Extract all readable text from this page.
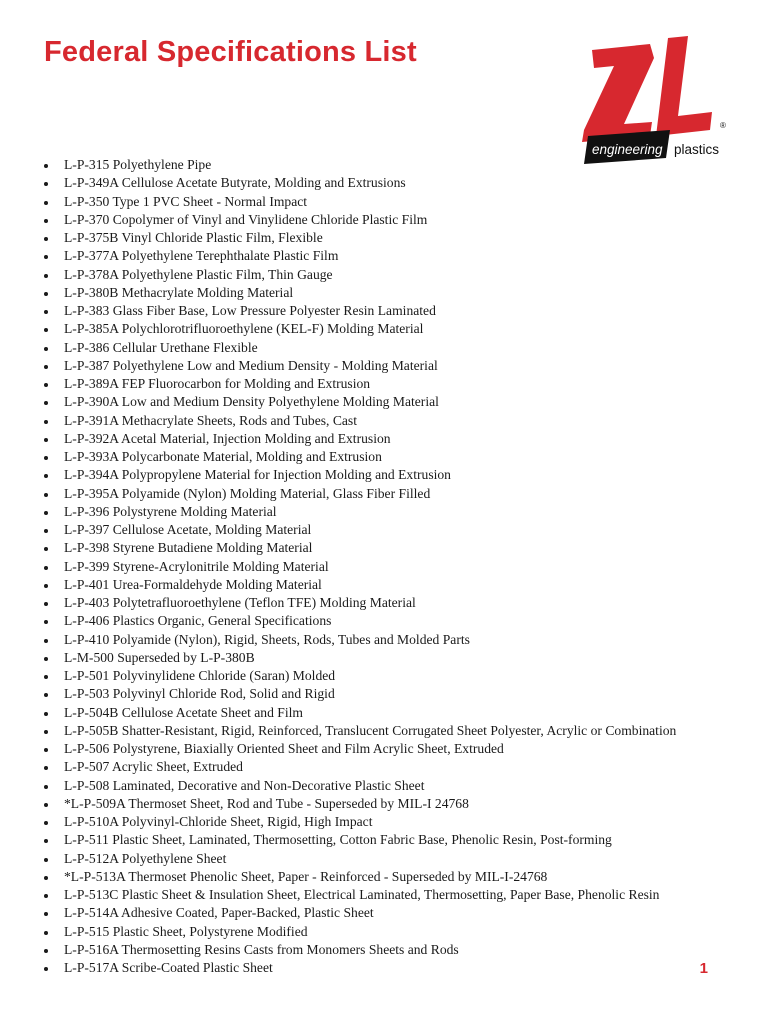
Federal Specifications List
engineering plastics
®
L-P-315 Polyethylene Pipe
L-P-349A Cellulose Acetate Butyrate, Molding and Extrusions
L-P-350 Type 1 PVC Sheet - Normal Impact
L-P-370 Copolymer of Vinyl and Vinylidene Chloride Plastic Film
L-P-375B Vinyl Chloride Plastic Film, Flexible
L-P-377A Polyethylene Terephthalate Plastic Film
L-P-378A Polyethylene Plastic Film, Thin Gauge
L-P-380B Methacrylate Molding Material
L-P-383 Glass Fiber Base, Low Pressure Polyester Resin Laminated
L-P-385A Polychlorotrifluoroethylene (KEL-F) Molding Material
L-P-386 Cellular Urethane Flexible
L-P-387 Polyethylene Low and Medium Density - Molding Material
L-P-389A FEP Fluorocarbon for Molding and Extrusion
L-P-390A Low and Medium Density Polyethylene Molding Material
L-P-391A Methacrylate Sheets, Rods and Tubes, Cast
L-P-392A Acetal Material, Injection Molding and Extrusion
L-P-393A Polycarbonate Material, Molding and Extrusion
L-P-394A Polypropylene Material for Injection Molding and Extrusion
L-P-395A Polyamide (Nylon) Molding Material, Glass Fiber Filled
L-P-396 Polystyrene Molding Material
L-P-397 Cellulose Acetate, Molding Material
L-P-398 Styrene Butadiene Molding Material
L-P-399 Styrene-Acrylonitrile Molding Material
L-P-401 Urea-Formaldehyde Molding Material
L-P-403 Polytetrafluoroethylene (Teflon TFE) Molding Material
L-P-406 Plastics Organic, General Specifications
L-P-410 Polyamide (Nylon), Rigid, Sheets, Rods, Tubes and Molded Parts
L-M-500 Superseded by L-P-380B
L-P-501 Polyvinylidene Chloride (Saran) Molded
L-P-503 Polyvinyl Chloride Rod, Solid and Rigid
L-P-504B Cellulose Acetate Sheet and Film
L-P-505B Shatter-Resistant, Rigid, Reinforced, Translucent Corrugated Sheet Polyester, Acrylic or Combination
L-P-506 Polystyrene, Biaxially Oriented Sheet and Film Acrylic Sheet, Extruded
L-P-507 Acrylic Sheet, Extruded
L-P-508 Laminated, Decorative and Non-Decorative Plastic Sheet
*L-P-509A Thermoset Sheet, Rod and Tube - Superseded by MIL-I 24768
L-P-510A Polyvinyl-Chloride Sheet, Rigid, High Impact
L-P-511 Plastic Sheet, Laminated, Thermosetting, Cotton Fabric Base, Phenolic Resin, Post-forming
L-P-512A Polyethylene Sheet
*L-P-513A Thermoset Phenolic Sheet, Paper - Reinforced - Superseded by MIL-I-24768
L-P-513C Plastic Sheet & Insulation Sheet, Electrical Laminated, Thermosetting, Paper Base, Phenolic Resin
L-P-514A Adhesive Coated, Paper-Backed, Plastic Sheet
L-P-515 Plastic Sheet, Polystyrene Modified
L-P-516A Thermosetting Resins Casts from Monomers Sheets and Rods
L-P-517A Scribe-Coated Plastic Sheet	1
